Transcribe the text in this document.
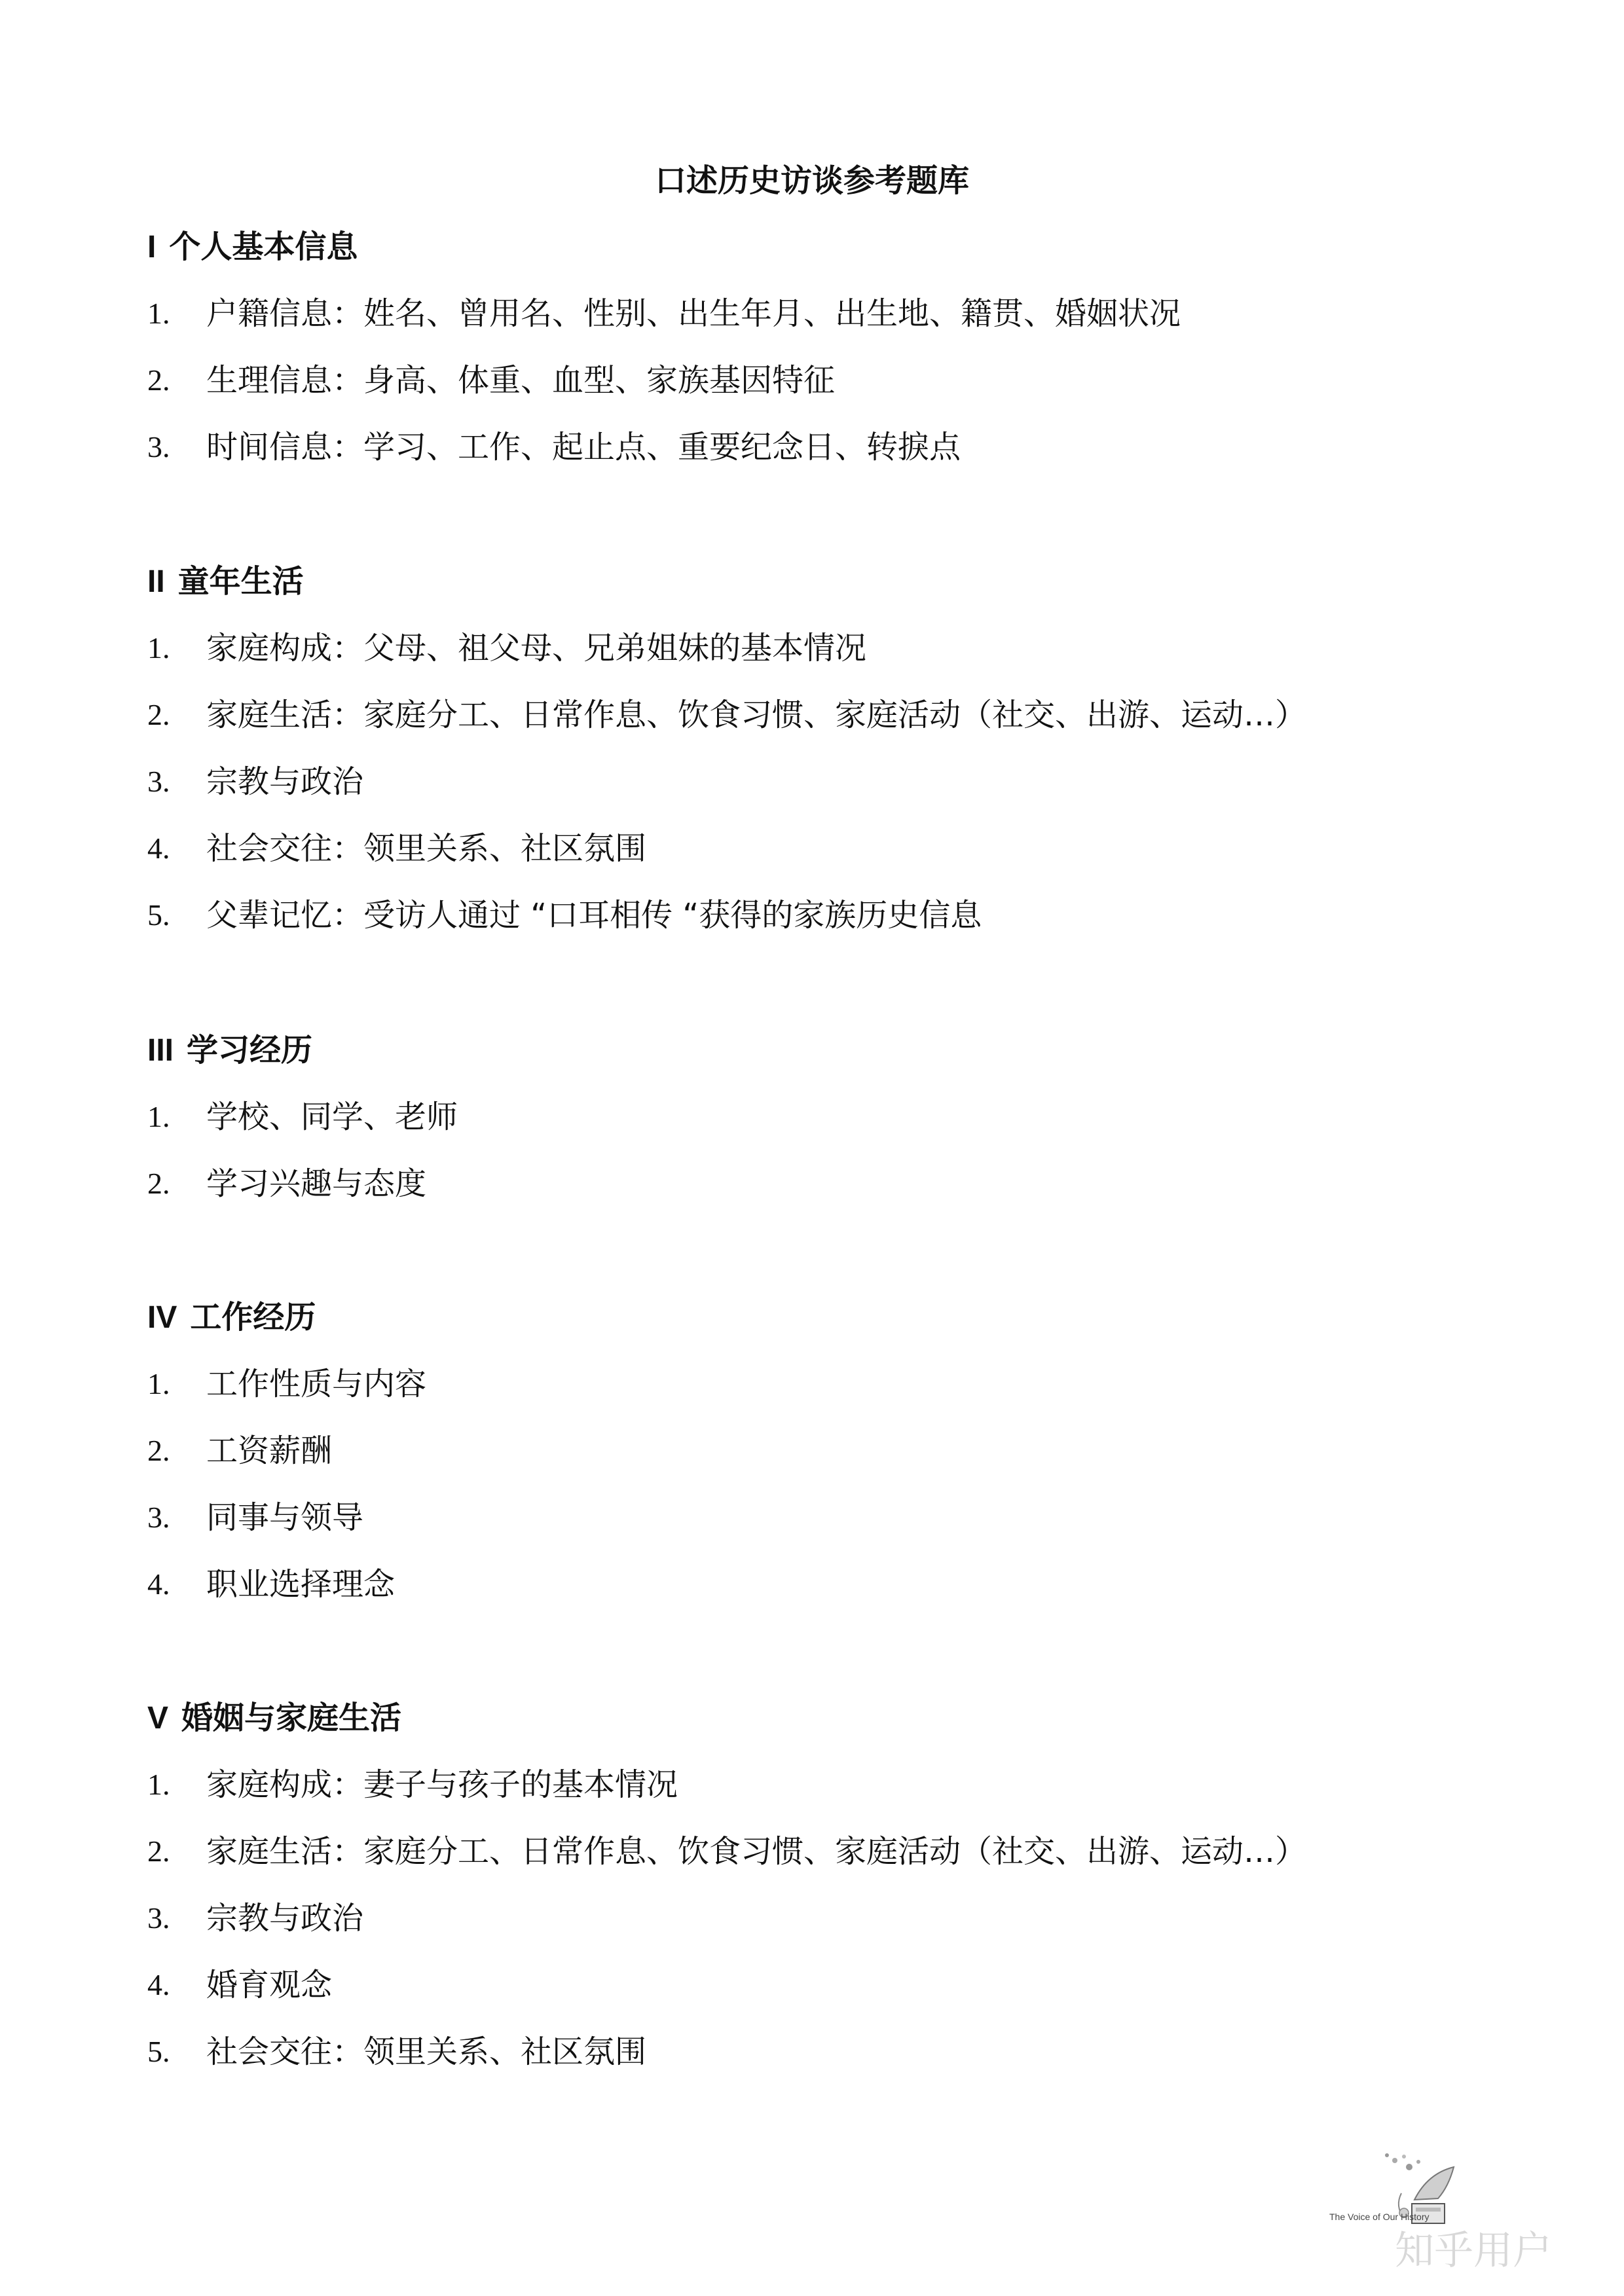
口述历史访谈参考题库
I 个人基本信息
1.	户籍信息：姓名、曾用名、性别、出生年月、出生地、籍贯、婚姻状况
2.	生理信息：身高、体重、血型、家族基因特征
3.	时间信息：学习、工作、起止点、重要纪念日、转捩点
II 童年生活
1.	家庭构成：父母、祖父母、兄弟姐妹的基本情况
2.	家庭生活：家庭分工、日常作息、饮食习惯、家庭活动（社交、出游、运动…）
3.	宗教与政治
4.	社会交往：领里关系、社区氛围
5.	父辈记忆：受访人通过 “口耳相传 “获得的家族历史信息
III 学习经历
1.	学校、同学、老师
2.	学习兴趣与态度
IV 工作经历
1.	工作性质与内容
2.	工资薪酬
3.	同事与领导
4.	职业选择理念
V 婚姻与家庭生活
1.	家庭构成：妻子与孩子的基本情况
2.	家庭生活：家庭分工、日常作息、饮食习惯、家庭活动（社交、出游、运动…）
3.	宗教与政治
4.	婚育观念
5.	社会交往：领里关系、社区氛围
The Voice of Our History
知乎用户
